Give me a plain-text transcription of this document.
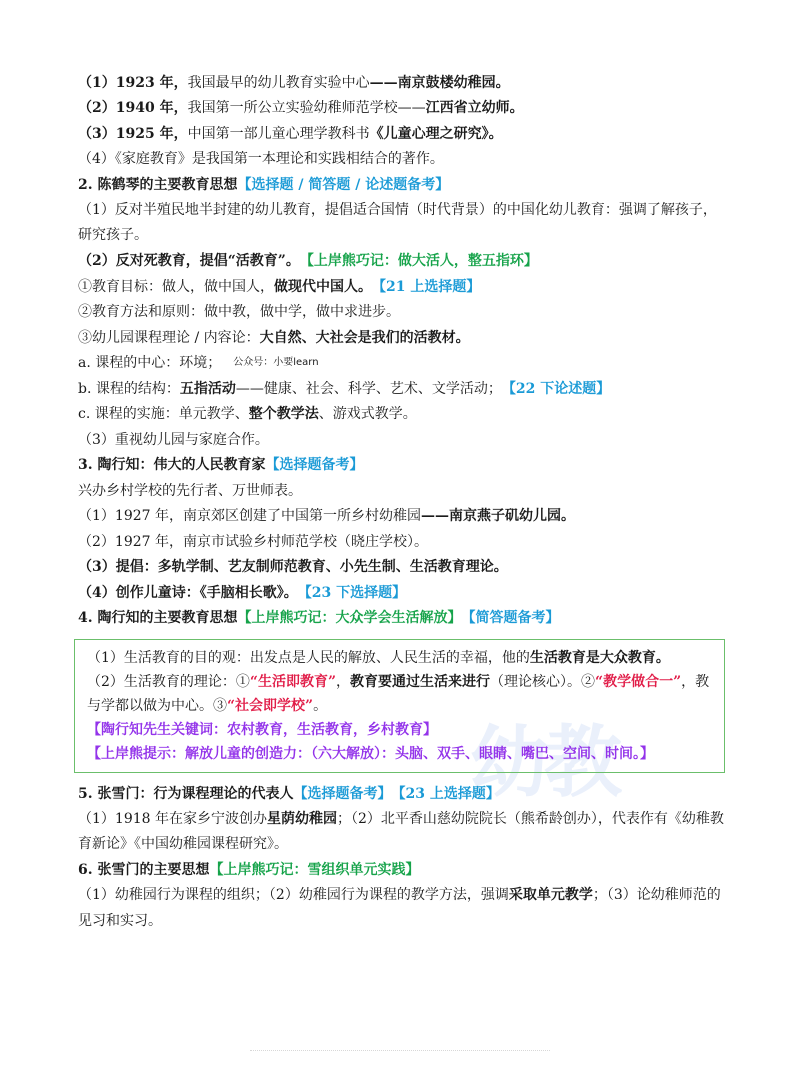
幼教

（1）1923 年， 我国最早的幼儿教育实验中心 ——南京鼓楼幼稚园。

（2）1940 年， 我国第一所公立实验幼稚师范学校—— 江西省立幼师。

（3）1925 年， 中国第一部儿童心理学教科书 《儿童心理之研究》。

（4）《家庭教育》是我国第一本理论和实践相结合的著作。

2. 陈鹤琴的主要教育思想 【选择题 / 简答题 / 论述题备考】

（1）反对半殖民地半封建的幼儿教育，提倡适合国情（时代背景）的中国化幼儿教育：强调了解孩子，研究孩子。

（2）反对死教育，提倡“活教育”。 【上岸熊巧记：做大活人，整五指环】

①教育目标：做人，做中国人， 做现代中国人。 【21 上选择题】

②教育方法和原则：做中教，做中学，做中求进步。

③幼儿园课程理论 / 内容论： 大自然、大社会是我们的活教材。

a. 课程的中心：环境； 公众号：小要learn

b. 课程的结构： 五指活动 ——健康、社会、科学、艺术、文学活动； 【22 下论述题】

c. 课程的实施：单元教学、 整个教学法 、游戏式教学。

（3）重视幼儿园与家庭合作。

3. 陶行知：伟大的人民教育家 【选择题备考】

兴办乡村学校的先行者、万世师表。

（1）1927 年，南京郊区创建了中国第一所乡村幼稚园 ——南京燕子矶幼儿园。

（2）1927 年，南京市试验乡村师范学校（晓庄学校）。

（3）提倡：多轨学制、艺友制师范教育、小先生制、生活教育理论。

（4）创作儿童诗：《手脑相长歌》。 【23 下选择题】

4. 陶行知的主要教育思想 【上岸熊巧记：大众学会生活解放】 【简答题备考】

（1）生活教育的目的观：出发点是人民的解放、人民生活的幸福，他的生活教育是大众教育。

（2）生活教育的理论：①“生活即教育”，教育要通过生活来进行（理论核心）。②“教学做合一”，教与学都以做为中心。③“社会即学校”。

【陶行知先生关键词：农村教育，生活教育，乡村教育】

【上岸熊提示：解放儿童的创造力：（六大解放）：头脑、双手、眼睛、嘴巴、空间、时间。】

5. 张雪门：行为课程理论的代表人 【选择题备考】 【23 上选择题】

（1）1918 年在家乡宁波创办星荫幼稚园；（2）北平香山慈幼院院长（熊希龄创办），代表作有《幼稚教育新论》《中国幼稚园课程研究》。

6. 张雪门的主要思想 【上岸熊巧记：雪组织单元实践】

（1）幼稚园行为课程的组织；（2）幼稚园行为课程的教学方法，强调采取单元教学；（3）论幼稚师范的见习和实习。
